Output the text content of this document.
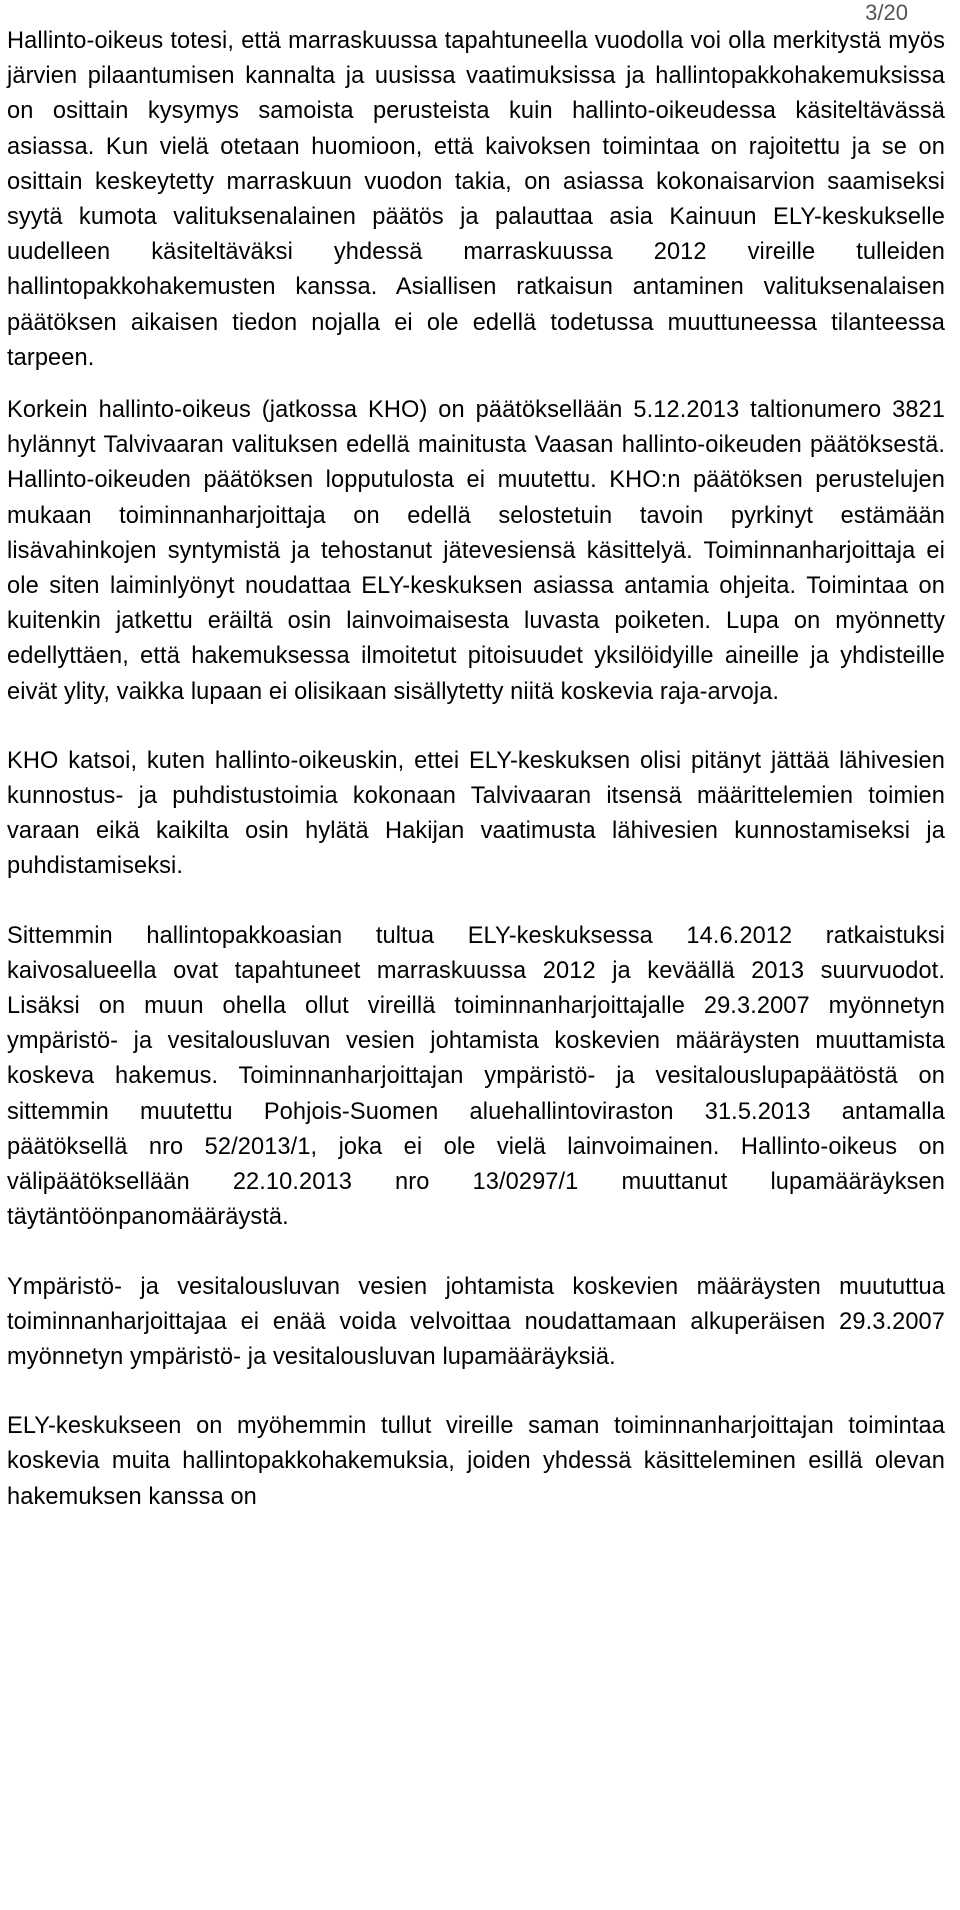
3/20

Hallinto-oikeus totesi, että marraskuussa tapahtuneella vuodolla voi olla merkitystä myös järvien pilaantumisen kannalta ja uusissa vaatimuksissa ja hallintopakkohakemuksissa on osittain kysymys samoista perusteista kuin hallinto-oikeudessa käsiteltävässä asiassa. Kun vielä otetaan huomioon, että kaivoksen toimintaa on rajoitettu ja se on osittain keskeytetty marraskuun vuodon takia, on asiassa kokonaisarvion saamiseksi syytä kumota valituksenalainen päätös ja palauttaa asia Kainuun ELY-keskukselle uudelleen käsiteltäväksi yhdessä marraskuussa 2012 vireille tulleiden hallintopakkohakemusten kanssa. Asiallisen ratkaisun antaminen valituksenalaisen päätöksen aikaisen tiedon nojalla ei ole edellä todetussa muuttuneessa tilanteessa tarpeen.

Korkein hallinto-oikeus (jatkossa KHO) on päätöksellään 5.12.2013 taltionumero 3821 hylännyt Talvivaaran valituksen edellä mainitusta Vaasan hallinto-oikeuden päätöksestä. Hallinto-oikeuden päätöksen lopputulosta ei muutettu. KHO:n päätöksen perustelujen mukaan toiminnanharjoittaja on edellä selostetuin tavoin pyrkinyt estämään lisävahinkojen syntymistä ja tehostanut jätevesiensä käsittelyä. Toiminnanharjoittaja ei ole siten laiminlyönyt noudattaa ELY-keskuksen asiassa antamia ohjeita. Toimintaa on kuitenkin jatkettu eräiltä osin lainvoimaisesta luvasta poiketen. Lupa on myönnetty edellyttäen, että hakemuksessa ilmoitetut pitoisuudet yksilöidyille aineille ja yhdisteille eivät ylity, vaikka lupaan ei olisikaan sisällytetty niitä koskevia raja-arvoja.

KHO katsoi, kuten hallinto-oikeuskin, ettei ELY-keskuksen olisi pitänyt jättää lähivesien kunnostus- ja puhdistustoimia kokonaan Talvivaaran itsensä määrittelemien toimien varaan eikä kaikilta osin hylätä Hakijan vaatimusta lähivesien kunnostamiseksi ja puhdistamiseksi.

Sittemmin hallintopakkoasian tultua ELY-keskuksessa 14.6.2012 ratkaistuksi kaivosalueella ovat tapahtuneet marraskuussa 2012 ja keväällä 2013 suurvuodot. Lisäksi on muun ohella ollut vireillä toiminnanharjoittajalle 29.3.2007 myönnetyn ympäristö- ja vesitalousluvan vesien johtamista koskevien määräysten muuttamista koskeva hakemus. Toiminnanharjoittajan ympäristö- ja vesitalouslupapäätöstä on sittemmin muutettu Pohjois-Suomen aluehallintoviraston 31.5.2013 antamalla päätöksellä nro 52/2013/1, joka ei ole vielä lainvoimainen. Hallinto-oikeus on välipäätöksellään 22.10.2013 nro 13/0297/1 muuttanut lupamääräyksen täytäntöönpanomääräystä.

Ympäristö- ja vesitalousluvan vesien johtamista koskevien määräysten muututtua toiminnanharjoittajaa ei enää voida velvoittaa noudattamaan alkuperäisen 29.3.2007 myönnetyn ympäristö- ja vesitalousluvan lupamääräyksiä.

ELY-keskukseen on myöhemmin tullut vireille saman toiminnanharjoittajan toimintaa koskevia muita hallintopakkohakemuksia, joiden yhdessä käsitteleminen esillä olevan hakemuksen kanssa on
